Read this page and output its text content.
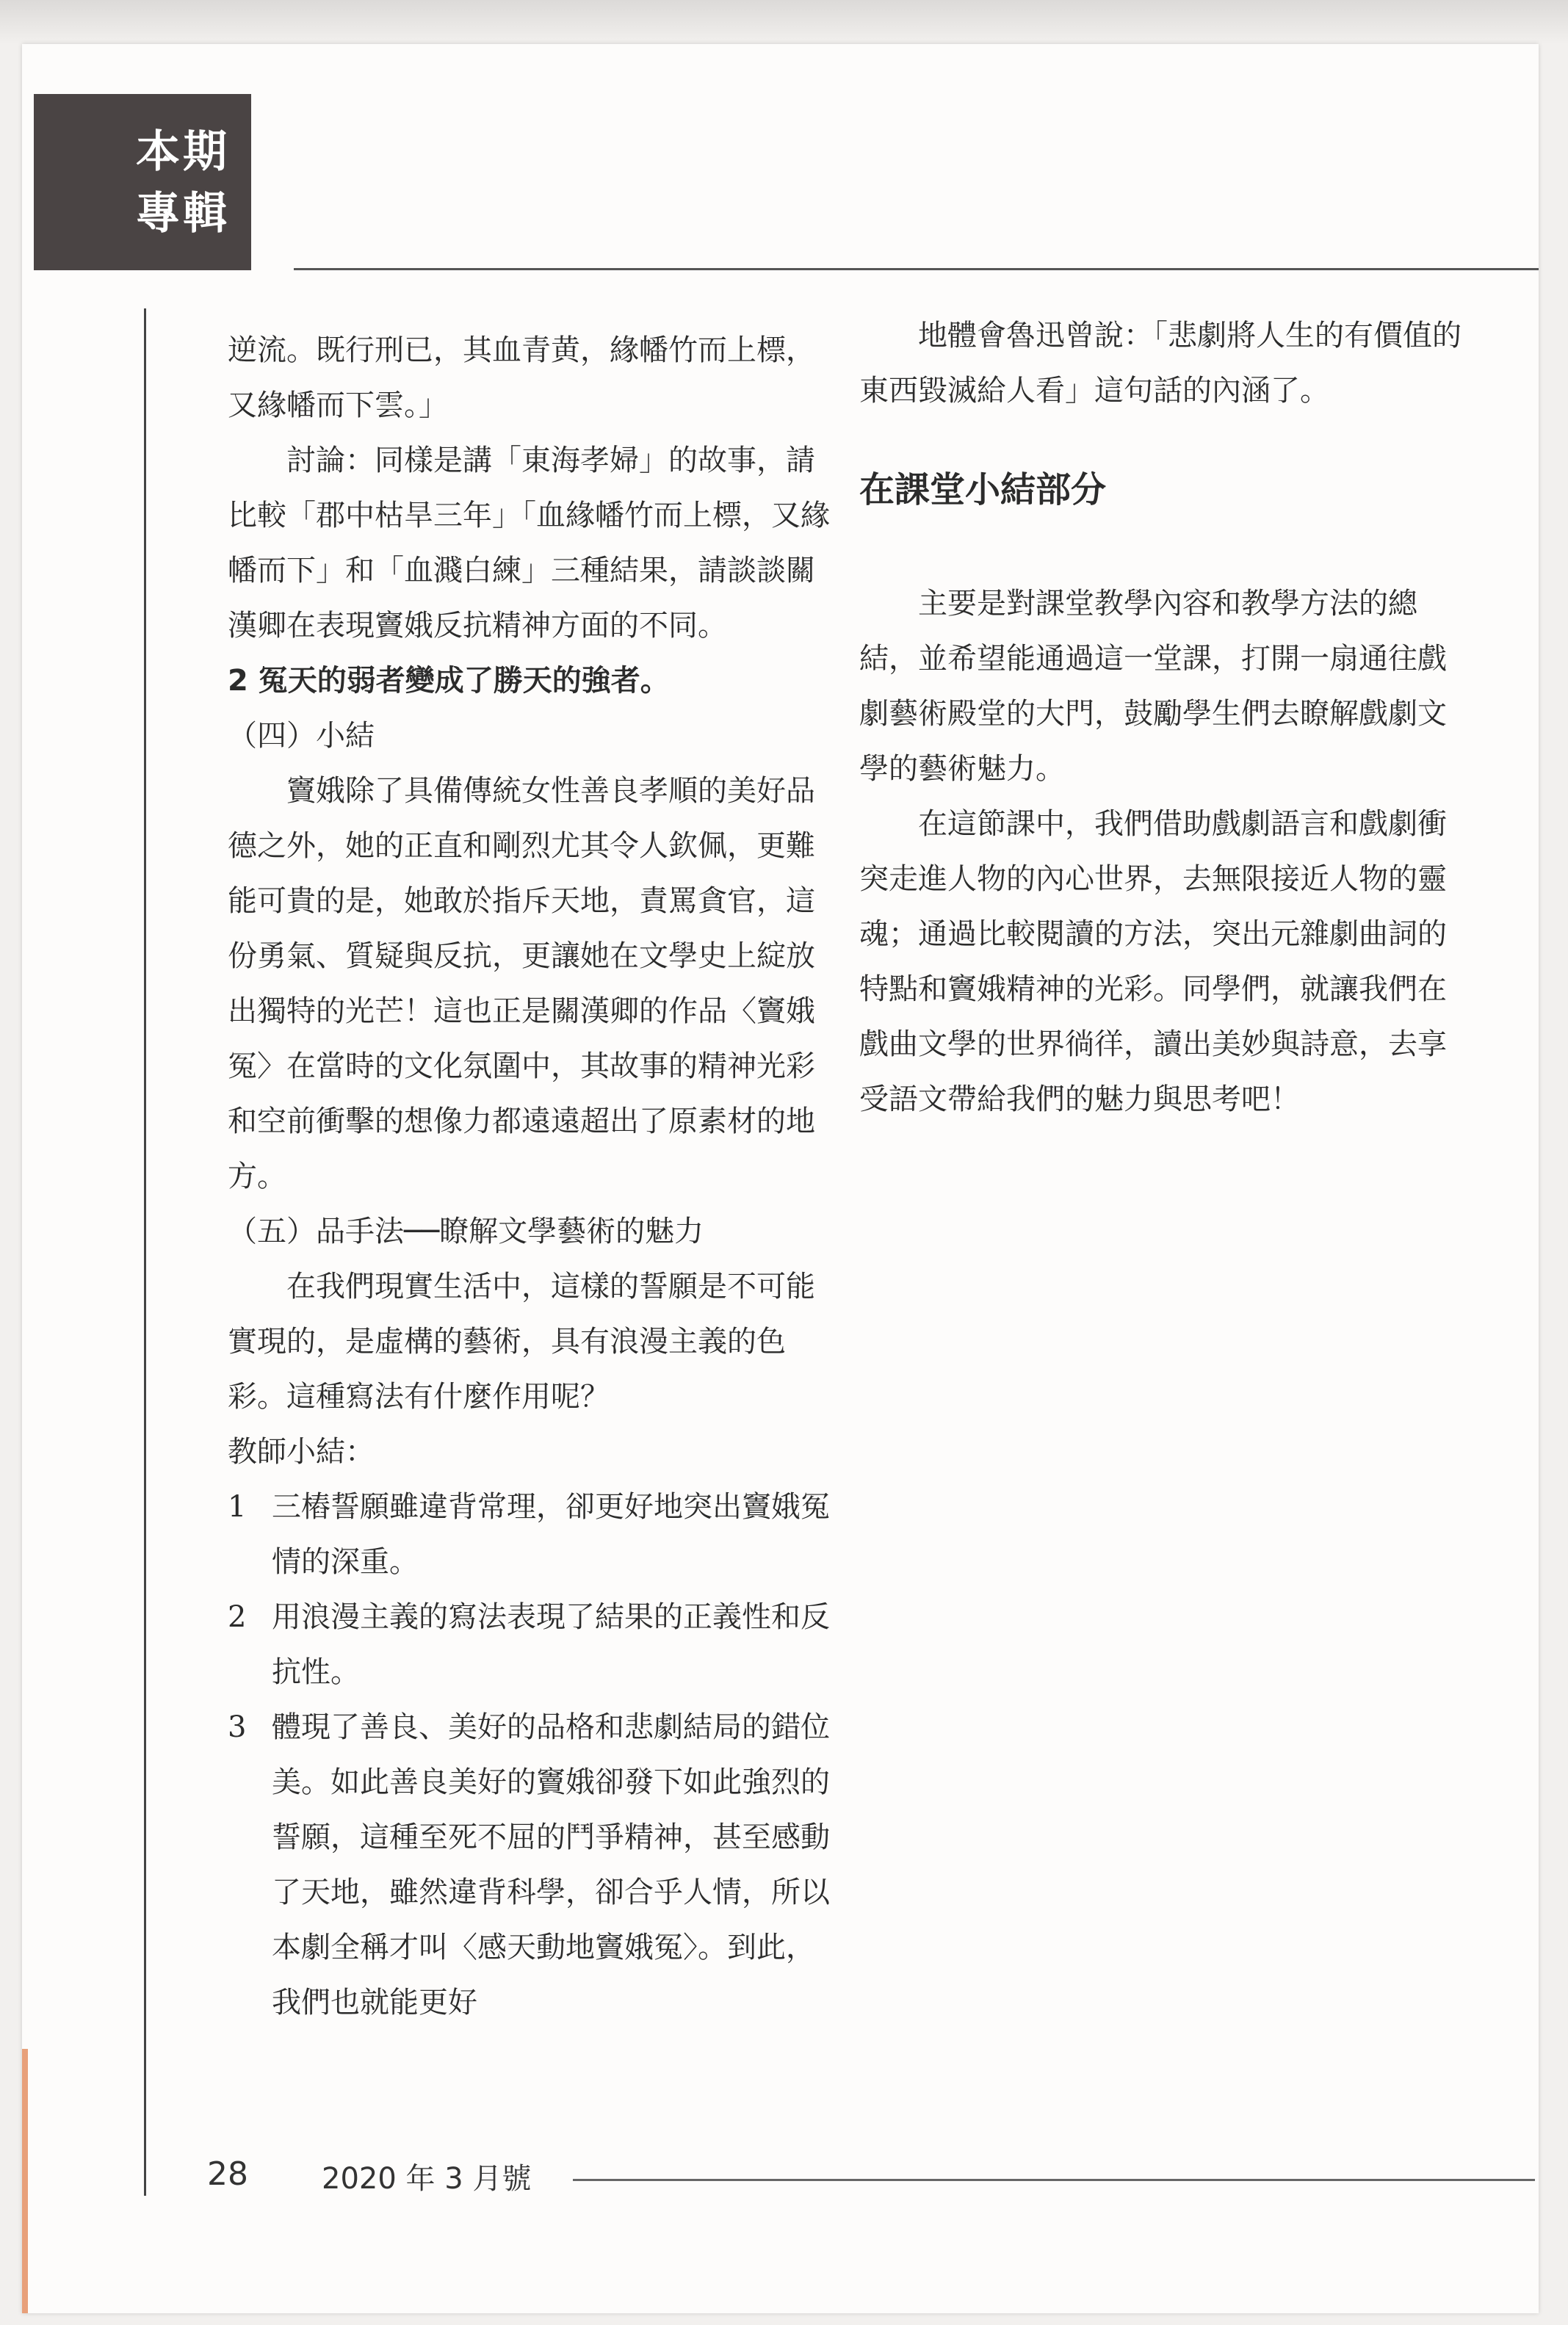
本期專輯

逆流。既行刑已，其血青黄，緣幡竹而上標，又緣幡而下雲。」

討論：同樣是講「東海孝婦」的故事，請比較「郡中枯旱三年」「血緣幡竹而上標，又緣幡而下」和「血濺白練」三種結果，請談談關漢卿在表現竇娥反抗精神方面的不同。

2 冤天的弱者變成了勝天的強者。

（四）小結

竇娥除了具備傳統女性善良孝順的美好品德之外，她的正直和剛烈尤其令人欽佩，更難能可貴的是，她敢於指斥天地，責罵貪官，這份勇氣、質疑與反抗，更讓她在文學史上綻放出獨特的光芒！這也正是關漢卿的作品〈竇娥冤〉在當時的文化氛圍中，其故事的精神光彩和空前衝擊的想像力都遠遠超出了原素材的地方。

（五）品手法──瞭解文學藝術的魅力

在我們現實生活中，這樣的誓願是不可能實現的，是虛構的藝術，具有浪漫主義的色彩。這種寫法有什麼作用呢？

教師小結：

1 三樁誓願雖違背常理，卻更好地突出竇娥冤情的深重。
2 用浪漫主義的寫法表現了結果的正義性和反抗性。
3 體現了善良、美好的品格和悲劇結局的錯位美。如此善良美好的竇娥卻發下如此強烈的誓願，這種至死不屈的鬥爭精神，甚至感動了天地，雖然違背科學，卻合乎人情，所以本劇全稱才叫〈感天動地竇娥冤〉。到此，我們也就能更好

地體會魯迅曾說：「悲劇將人生的有價值的東西毀滅給人看」這句話的內涵了。

在課堂小結部分

主要是對課堂教學內容和教學方法的總結，並希望能通過這一堂課，打開一扇通往戲劇藝術殿堂的大門，鼓勵學生們去瞭解戲劇文學的藝術魅力。

在這節課中，我們借助戲劇語言和戲劇衝突走進人物的內心世界，去無限接近人物的靈魂；通過比較閱讀的方法，突出元雜劇曲詞的特點和竇娥精神的光彩。同學們，就讓我們在戲曲文學的世界徜徉，讀出美妙與詩意，去享受語文帶給我們的魅力與思考吧！

28	2020 年 3 月號
